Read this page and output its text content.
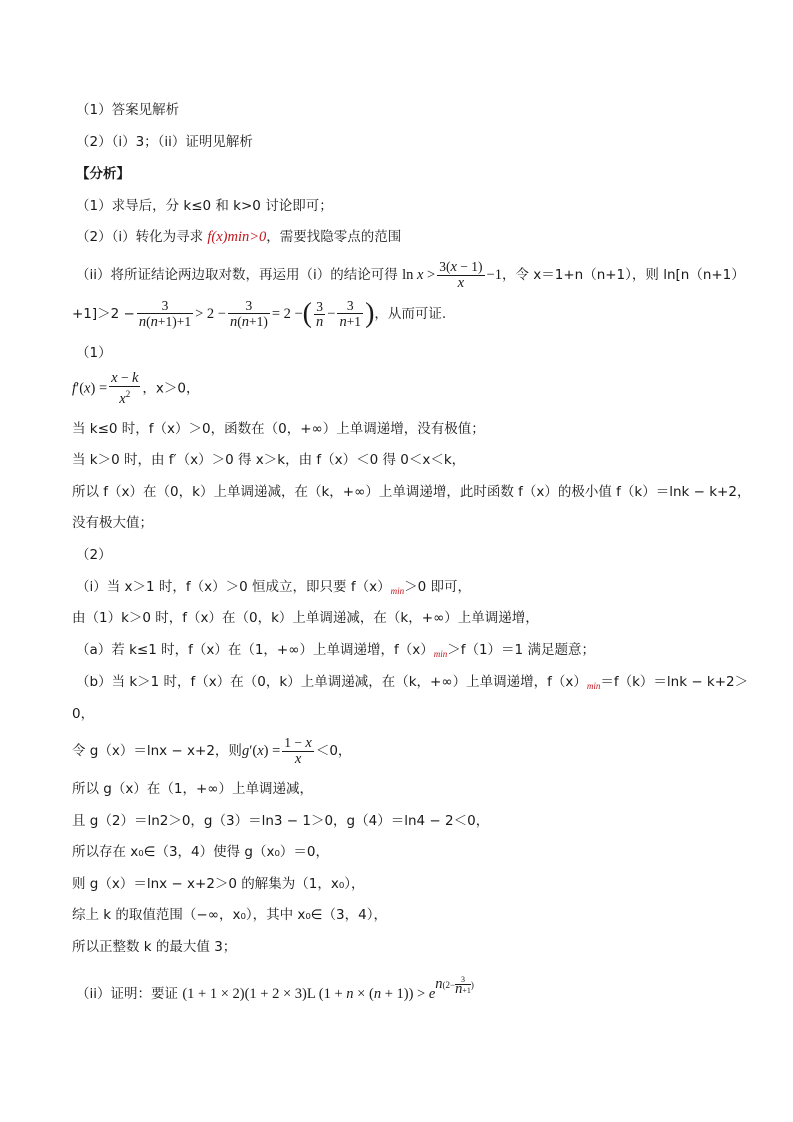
（1）答案见解析
（2）（i）3；（ii）证明见解析
【分析】
（1）求导后，分 k≤0 和 k>0 讨论即可；
（2）（i）转化为寻求 f(x)min>0，需要找隐零点的范围
（ii）将所证结论两边取对数，再运用（i）的结论可得 $\ln x > \frac{3(x - 1)}{x} -1$，令 x＝1+n（n+1），则 ln[n（n+1）
$+1]>2 - \frac{3}{n(n+1)+1} > 2 - \frac{3}{n(n+1)} = 2$ −( $\frac{3}{n} - \frac{3}{n+1}$ )，从而可证.
（1）
$f'(x) = \frac{x - k}{x^2}$ ，x＞0，
当 k≤0 时，f（x）＞0，函数在（0，+∞）上单调递增，没有极值；
当 k＞0 时，由 f′（x）＞0 得 x＞k，由 f（x）＜0 得 0＜x＜k，
所以 f（x）在（0，k）上单调递减，在（k，+∞）上单调递增，此时函数 f（x）的极小值 f（k）＝lnk − k+2，
没有极大值；
（2）
（i）当 x＞1 时，f（x）＞0 恒成立，即只要 $f(x)_{min}>0$ 即可，
由（1）k＞0 时，f（x）在（0，k）上单调递减，在（k，+∞）上单调递增，
（a）若 k≤1 时，f（x）在（1，+∞）上单调递增，$f(x)_{min}>f(1)=1$ 满足题意；
（b）当 k＞1 时，f（x）在（0，k）上单调递减，在（k，+∞）上单调递增，$f(x)_{min}=f(k)=\ln k - k+2>$
0，
令 g（x）＝lnx − x+2，则$g'(x) = \frac{1 - x}{x} <0$，
所以 g（x）在（1，+∞）上单调递减，
且 g（2）＝ln2＞0，g（3）＝ln3 − 1＞0，g（4）＝ln4 − 2＜0，
所以存在 x₀∈（3，4）使得 g（x₀）＝0，
则 g（x）＝lnx − x+2＞0 的解集为（1，x₀），
综上 k 的取值范围（−∞，x₀），其中 x₀∈（3，4），
所以正整数 k 的最大值 3；
（ii）证明：要证 (1 + 1 × 2)(1 + 2 × 3)L $(1 + n \times (n + 1)) > e^{n(2- \frac{3}{n+1} )}$
